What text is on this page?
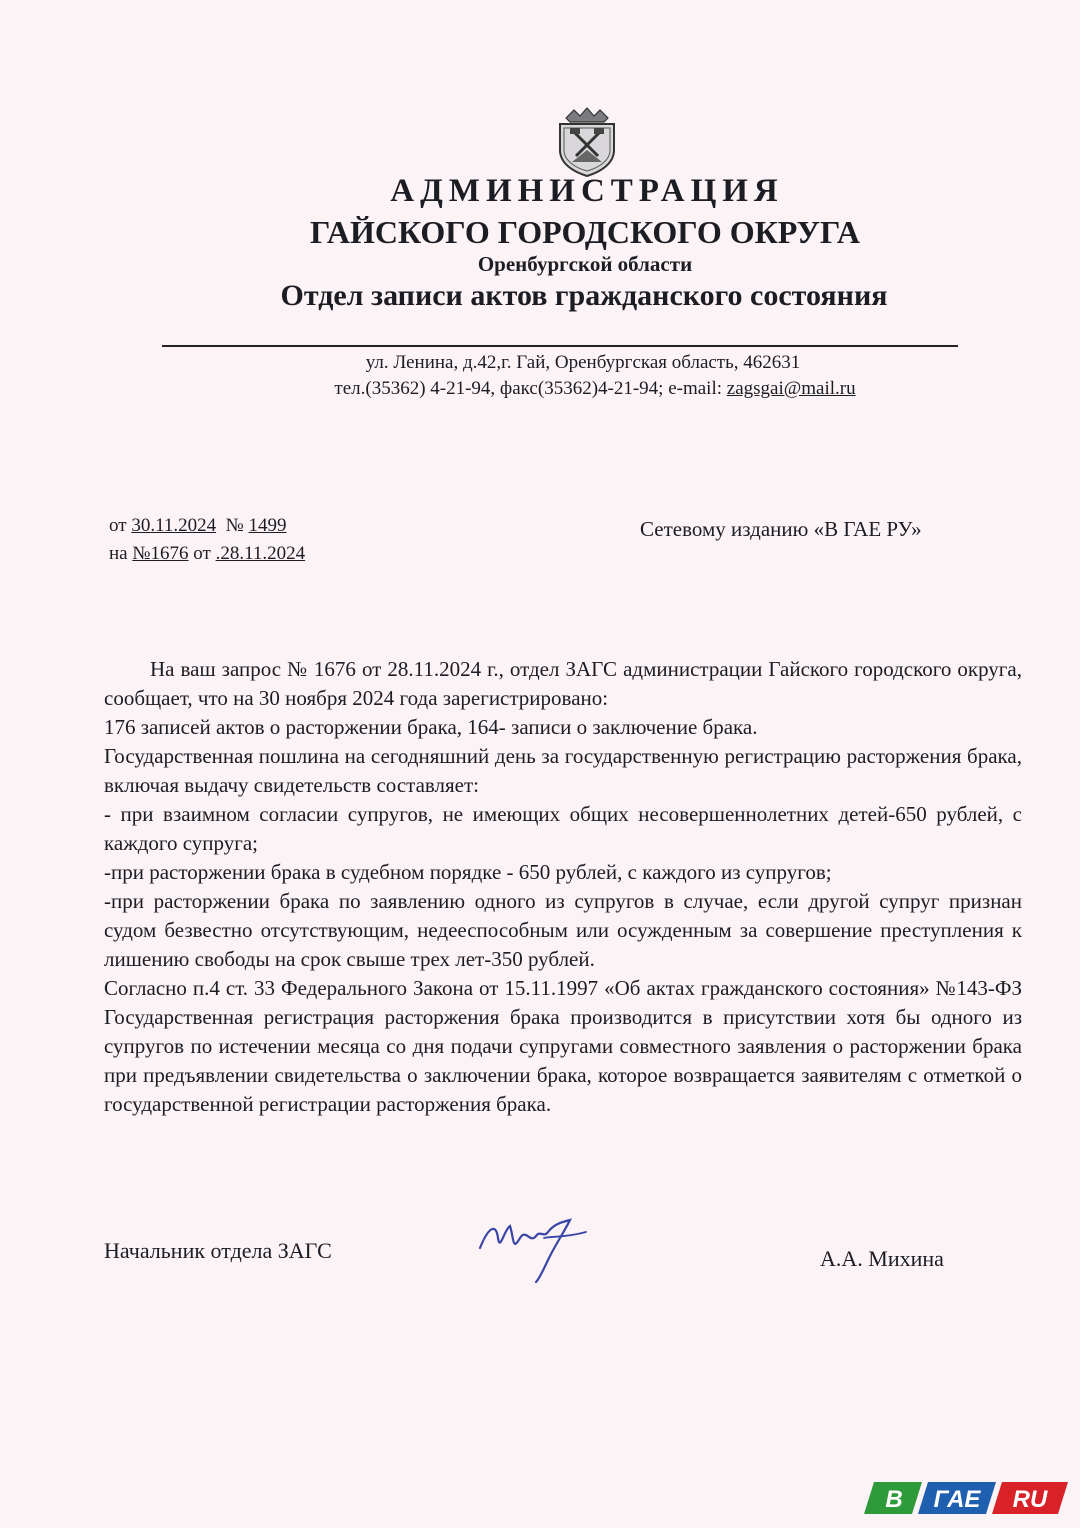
АДМИНИСТРАЦИЯ
ГАЙСКОГО ГОРОДСКОГО ОКРУГА
Оренбургской области
Отдел записи актов гражданского состояния
ул. Ленина, д.42,г. Гай, Оренбургская область, 462631
тел.(35362) 4-21-94, факс(35362)4-21-94; e-mail: zagsgai@mail.ru
от 30.11.2024 № 1499
на №1676 от .28.11.2024
Сетевому изданию «В ГАЕ РУ»

На ваш запрос № 1676 от 28.11.2024 г., отдел ЗАГС администрации Гайского городского округа, сообщает, что на 30 ноября 2024 года зарегистрировано:

176 записей актов о расторжении брака, 164- записи о заключение брака.

Государственная пошлина на сегодняшний день за государственную регистрацию расторжения брака, включая выдачу свидетельств составляет:

- при взаимном согласии супругов, не имеющих общих несовершеннолетних детей-650 рублей, с каждого супруга;

-при расторжении брака в судебном порядке - 650 рублей, с каждого из супругов;

-при расторжении брака по заявлению одного из супругов в случае, если другой супруг признан судом безвестно отсутствующим, недееспособным или осужденным за совершение преступления к лишению свободы на срок свыше трех лет-350 рублей.

Согласно п.4 ст. 33 Федерального Закона от 15.11.1997 «Об актах гражданского состояния» №143-ФЗ Государственная регистрация расторжения брака производится в присутствии хотя бы одного из супругов по истечении месяца со дня подачи супругами совместного заявления о расторжении брака при предъявлении свидетельства о заключении брака, которое возвращается заявителям с отметкой о государственной регистрации расторжения брака.

Начальник отдела ЗАГС	А.А. Михина
В ГАЕ RU
